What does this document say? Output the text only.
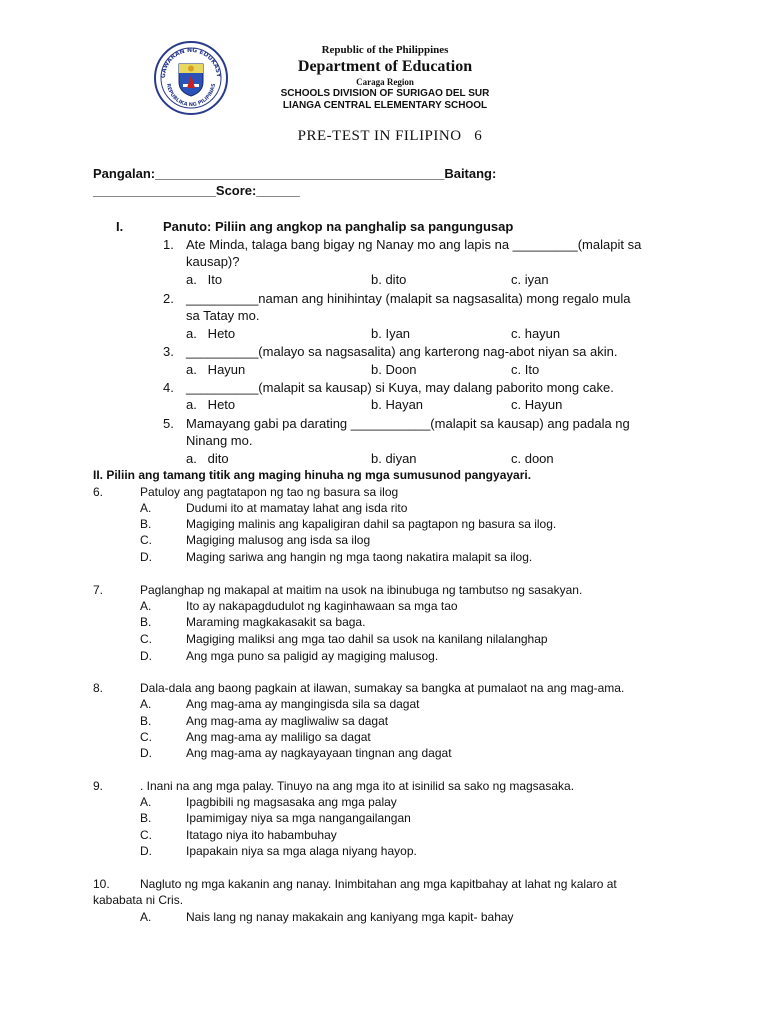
GAWARAN NG EDUKASY
REPUBLIKA NG PILIPINAS
Republic of the Philippines
Department of Education
Caraga Region
SCHOOLS DIVISION OF SURIGAO DEL SUR
LIANGA CENTRAL ELEMENTARY SCHOOL
PRE-TEST IN FILIPINO   6
Pangalan:________________________________________Baitang:
_________________Score:______
I.	Panuto: Piliin ang angkop na panghalip sa pangungusap
1. Ate Minda, talaga bang bigay ng Nanay mo ang lapis na _________(malapit sa
kausap)?
a.   Ito	b. dito	c. iyan
2. __________naman ang hinihintay (malapit sa nagsasalita) mong regalo mula
sa Tatay mo.
a.   Heto	b. Iyan	c. hayun
3. __________(malayo sa nagsasalita) ang karterong nag-abot niyan sa akin.
a.   Hayun	b. Doon	c. Ito
4. __________(malapit sa kausap) si Kuya, may dalang paborito mong cake.
a.   Heto	b. Hayan	c. Hayun
5. Mamayang gabi pa darating ___________(malapit sa kausap) ang padala ng
Ninang mo.
a.   dito	b. diyan	c. doon
II. Piliin ang tamang titik ang maging hinuha ng mga sumusunod pangyayari.
6.	Patuloy ang pagtatapon ng tao ng basura sa ilog
A.	Dudumi ito at mamatay lahat ang isda rito
B.	Magiging malinis ang kapaligiran dahil sa pagtapon ng basura sa ilog.
C.	Magiging malusog ang isda sa ilog
D.	Maging sariwa ang hangin ng mga taong nakatira malapit sa ilog.
7.	Paglanghap ng makapal at maitim na usok na ibinubuga ng tambutso ng sasakyan.
A.	Ito ay nakapagdudulot ng kaginhawaan sa mga tao
B.	Maraming magkakasakit sa baga.
C.	Magiging maliksi ang mga tao dahil sa usok na kanilang nilalanghap
D.	Ang mga puno sa paligid ay magiging malusog.
8.	Dala-dala ang baong pagkain at ilawan, sumakay sa bangka at pumalaot na ang mag-ama.
A.	Ang mag-ama ay mangingisda sila sa dagat
B.	Ang mag-ama ay magliwaliw sa dagat
C.	Ang mag-ama ay maliligo sa dagat
D.	Ang mag-ama ay nagkayayaan tingnan ang dagat
9.	. Inani na ang mga palay. Tinuyo na ang mga ito at isinilid sa sako ng magsasaka.
A.	Ipagbibili ng magsasaka ang mga palay
B.	Ipamimigay niya sa mga nangangailangan
C.	Itatago niya ito habambuhay
D.	Ipapakain niya sa mga alaga niyang hayop.
10.	Nagluto ng mga kakanin ang nanay. Inimbitahan ang mga kapitbahay at lahat ng kalaro at
kababata ni Cris.
A.	Nais lang ng nanay makakain ang kaniyang mga kapit- bahay
